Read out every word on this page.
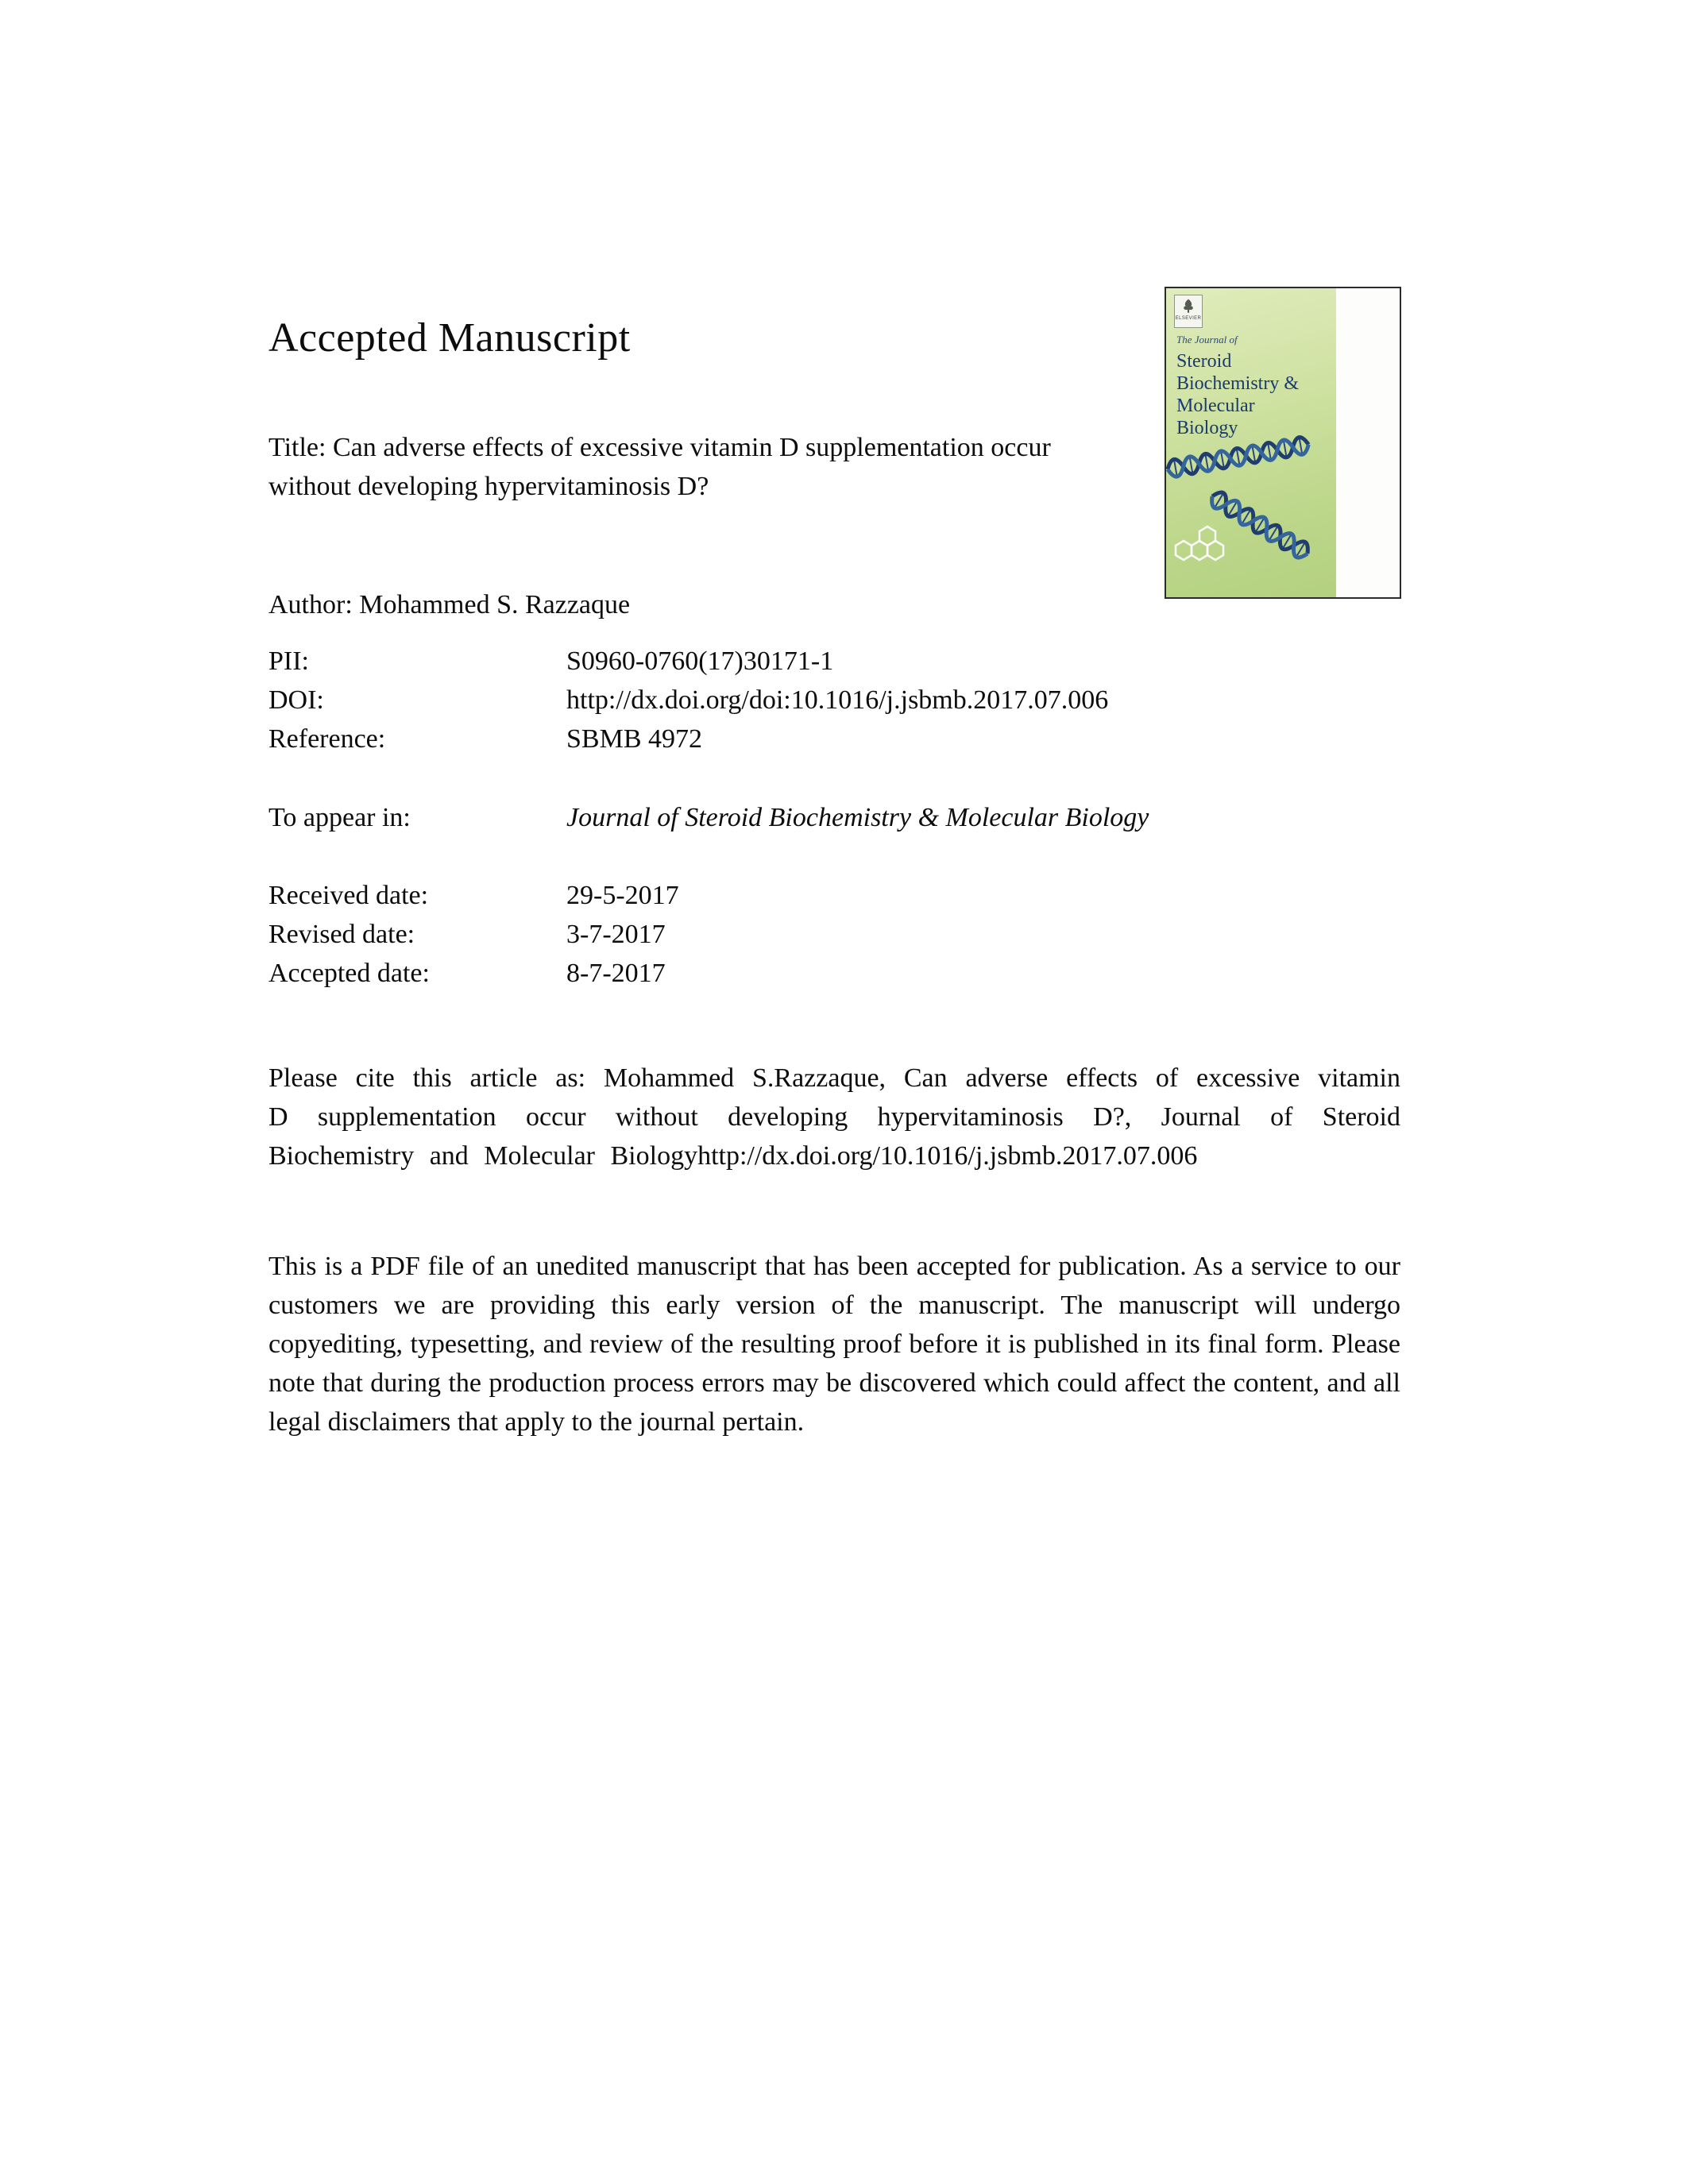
Accepted Manuscript	ELSEVIER
The Journal of
Steroid
Biochemistry &
Molecular
Biology

Title: Can adverse effects of excessive vitamin D supplementation occur without developing hypervitaminosis D?

Author: Mohammed S. Razzaque

PII:	S0960-0760(17)30171-1
DOI:	http://dx.doi.org/doi:10.1016/j.jsbmb.2017.07.006
Reference:	SBMB 4972
To appear in:	Journal of Steroid Biochemistry & Molecular Biology
Received date:	29-5-2017
Revised date:	3-7-2017
Accepted date:	8-7-2017

Please cite this article as: Mohammed S.Razzaque, Can adverse effects of excessive vitamin D supplementation occur without developing hypervitaminosis D?, Journal of Steroid Biochemistry and Molecular Biologyhttp://dx.doi.org/10.1016/j.jsbmb.2017.07.006

This is a PDF file of an unedited manuscript that has been accepted for publication. As a service to our customers we are providing this early version of the manuscript. The manuscript will undergo copyediting, typesetting, and review of the resulting proof before it is published in its final form. Please note that during the production process errors may be discovered which could affect the content, and all legal disclaimers that apply to the journal pertain.
